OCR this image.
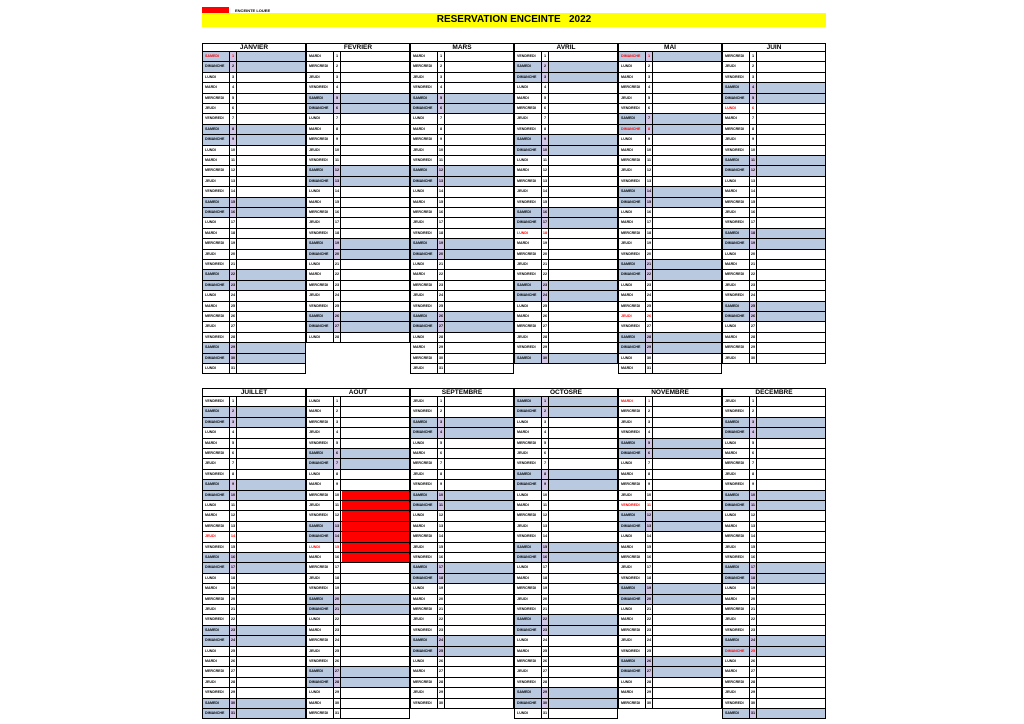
ENCEINTE LOUEE
RESERVATION ENCEINTE   2022
JANVIER
SAMEDI	1
DIMANCHE	2
LUNDI	3
MARDI	4
MERCREDI	5
JEUDI	6
VENDREDI	7
SAMEDI	8
DIMANCHE	9
LUNDI	10
MARDI	11
MERCREDI	12
JEUDI	13
VENDREDI	14
SAMEDI	15
DIMANCHE	16
LUNDI	17
MARDI	18
MERCREDI	19
JEUDI	20
VENDREDI	21
SAMEDI	22
DIMANCHE	23
LUNDI	24
MARDI	25
MERCREDI	26
JEUDI	27
VENDREDI	28
SAMEDI	29
DIMANCHE	30
LUNDI	31
FEVRIER
MARDI	1
MERCREDI	2
JEUDI	3
VENDREDI	4
SAMEDI	5
DIMANCHE	6
LUNDI	7
MARDI	8
MERCREDI	9
JEUDI	10
VENDREDI	11
SAMEDI	12
DIMANCHE	13
LUNDI	14
MARDI	15
MERCREDI	16
JEUDI	17
VENDREDI	18
SAMEDI	19
DIMANCHE	20
LUNDI	21
MARDI	22
MERCREDI	23
JEUDI	24
VENDREDI	25
SAMEDI	26
DIMANCHE	27
LUNDI	28
MARS
MARDI	1
MERCREDI	2
JEUDI	3
VENDREDI	4
SAMEDI	5
DIMANCHE	6
LUNDI	7
MARDI	8
MERCREDI	9
JEUDI	10
VENDREDI	11
SAMEDI	12
DIMANCHE	13
LUNDI	14
MARDI	15
MERCREDI	16
JEUDI	17
VENDREDI	18
SAMEDI	19
DIMANCHE	20
LUNDI	21
MARDI	22
MERCREDI	23
JEUDI	24
VENDREDI	25
SAMEDI	26
DIMANCHE	27
LUNDI	28
MARDI	29
MERCREDI	30
JEUDI	31
AVRIL
VENDREDI	1
SAMEDI	2
DIMANCHE	3
LUNDI	4
MARDI	5
MERCREDI	6
JEUDI	7
VENDREDI	8
SAMEDI	9
DIMANCHE	10
LUNDI	11
MARDI	12
MERCREDI	13
JEUDI	14
VENDREDI	15
SAMEDI	16
DIMANCHE	17
LUNDI	18
MARDI	19
MERCREDI	20
JEUDI	21
VENDREDI	22
SAMEDI	23
DIMANCHE	24
LUNDI	25
MARDI	26
MERCREDI	27
JEUDI	28
VENDREDI	29
SAMEDI	30
MAI
DIMANCHE	1
LUNDI	2
MARDI	3
MERCREDI	4
JEUDI	5
VENDREDI	6
SAMEDI	7
DIMANCHE	8
LUNDI	9
MARDI	10
MERCREDI	11
JEUDI	12
VENDREDI	13
SAMEDI	14
DIMANCHE	15
LUNDI	16
MARDI	17
MERCREDI	18
JEUDI	19
VENDREDI	20
SAMEDI	21
DIMANCHE	22
LUNDI	23
MARDI	24
MERCREDI	25
JEUDI	26
VENDREDI	27
SAMEDI	28
DIMANCHE	29
LUNDI	30
MARDI	31
JUIN
MERCREDI	1
JEUDI	2
VENDREDI	3
SAMEDI	4
DIMANCHE	5
LUNDI	6
MARDI	7
MERCREDI	8
JEUDI	9
VENDREDI	10
SAMEDI	11
DIMANCHE	12
LUNDI	13
MARDI	14
MERCREDI	15
JEUDI	16
VENDREDI	17
SAMEDI	18
DIMANCHE	19
LUNDI	20
MARDI	21
MERCREDI	22
JEUDI	23
VENDREDI	24
SAMEDI	25
DIMANCHE	26
LUNDI	27
MARDI	28
MERCREDI	29
JEUDI	30
JUILLET
VENDREDI	1
SAMEDI	2
DIMANCHE	3
LUNDI	4
MARDI	5
MERCREDI	6
JEUDI	7
VENDREDI	8
SAMEDI	9
DIMANCHE	10
LUNDI	11
MARDI	12
MERCREDI	13
JEUDI	14
VENDREDI	15
SAMEDI	16
DIMANCHE	17
LUNDI	18
MARDI	19
MERCREDI	20
JEUDI	21
VENDREDI	22
SAMEDI	23
DIMANCHE	24
LUNDI	25
MARDI	26
MERCREDI	27
JEUDI	28
VENDREDI	29
SAMEDI	30
DIMANCHE	31
AOUT
LUNDI	1
MARDI	2
MERCREDI	3
JEUDI	4
VENDREDI	5
SAMEDI	6
DIMANCHE	7
LUNDI	8
MARDI	9
MERCREDI	10
JEUDI	11
VENDREDI	12
SAMEDI	13
DIMANCHE	14
LUNDI	15
MARDI	16
MERCREDI	17
JEUDI	18
VENDREDI	19
SAMEDI	20
DIMANCHE	21
LUNDI	22
MARDI	23
MERCREDI	24
JEUDI	25
VENDREDI	26
SAMEDI	27
DIMANCHE	28
LUNDI	29
MARDI	30
MERCREDI	31
SEPTEMBRE
JEUDI	1
VENDREDI	2
SAMEDI	3
DIMANCHE	4
LUNDI	5
MARDI	6
MERCREDI	7
JEUDI	8
VENDREDI	9
SAMEDI	10
DIMANCHE	11
LUNDI	12
MARDI	13
MERCREDI	14
JEUDI	15
VENDREDI	16
SAMEDI	17
DIMANCHE	18
LUNDI	19
MARDI	20
MERCREDI	21
JEUDI	22
VENDREDI	23
SAMEDI	24
DIMANCHE	25
LUNDI	26
MARDI	27
MERCREDI	28
JEUDI	29
VENDREDI	30
OCTOSRE
SAMEDI	1
DIMANCHE	2
LUNDI	3
MARDI	4
MERCREDI	5
JEUDI	6
VENDREDI	7
SAMEDI	8
DIMANCHE	9
LUNDI	10
MARDI	11
MERCREDI	12
JEUDI	13
VENDREDI	14
SAMEDI	15
DIMANCHE	16
LUNDI	17
MARDI	18
MERCREDI	19
JEUDI	20
VENDREDI	21
SAMEDI	22
DIMANCHE	23
LUNDI	24
MARDI	25
MERCREDI	26
JEUDI	27
VENDREDI	28
SAMEDI	29
DIMANCHE	30
LUNDI	31
NOVEMBRE
MARDI	1
MERCREDI	2
JEUDI	3
VENDREDI	4
SAMEDI	5
DIMANCHE	6
LUNDI	7
MARDI	8
MERCREDI	9
JEUDI	10
VENDREDI	11
SAMEDI	12
DIMANCHE	13
LUNDI	14
MARDI	15
MERCREDI	16
JEUDI	17
VENDREDI	18
SAMEDI	19
DIMANCHE	20
LUNDI	21
MARDI	22
MERCREDI	23
JEUDI	24
VENDREDI	25
SAMEDI	26
DIMANCHE	27
LUNDI	28
MARDI	29
MERCREDI	30
DECEMBRE
JEUDI	1
VENDREDI	2
SAMEDI	3
DIMANCHE	4
LUNDI	5
MARDI	6
MERCREDI	7
JEUDI	8
VENDREDI	9
SAMEDI	10
DIMANCHE	11
LUNDI	12
MARDI	13
MERCREDI	14
JEUDI	15
VENDREDI	16
SAMEDI	17
DIMANCHE	18
LUNDI	19
MARDI	20
MERCREDI	21
JEUDI	22
VENDREDI	23
SAMEDI	24
DIMANCHE	25
LUNDI	26
MARDI	27
MERCREDI	28
JEUDI	29
VENDREDI	30
SAMEDI	31
